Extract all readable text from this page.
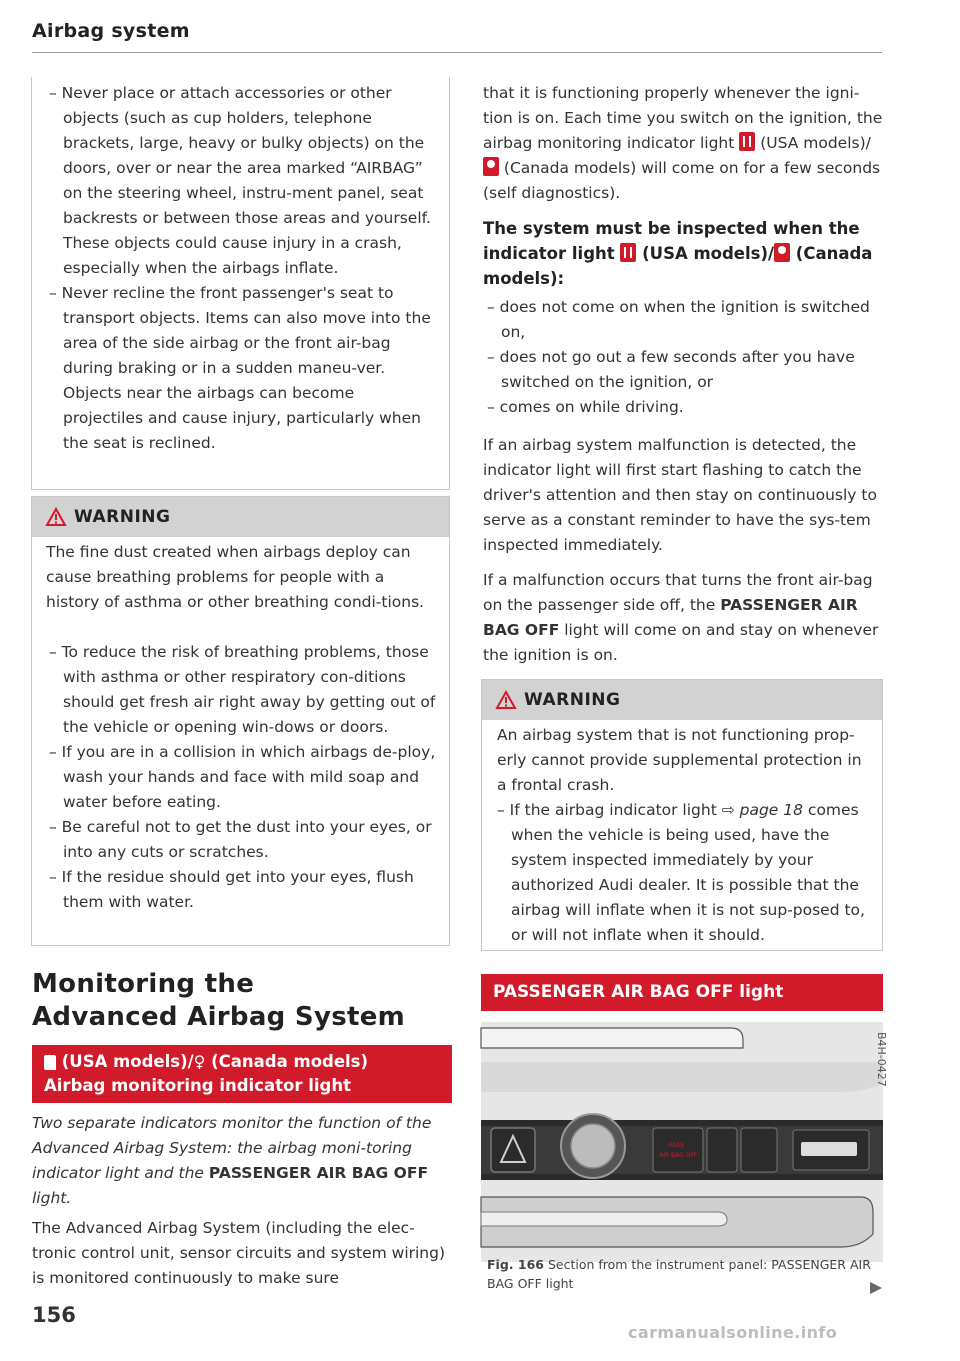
Airbag system
– Never place or attach accessories or other objects (such as cup holders, telephone brackets, large, heavy or bulky objects) on the doors, over or near the area marked “AIRBAG” on the steering wheel, instru-ment panel, seat backrests or between those areas and yourself. These objects could cause injury in a crash, especially when the airbags inflate.
– Never recline the front passenger's seat to transport objects. Items can also move into the area of the side airbag or the front air-bag during braking or in a sudden maneu-ver. Objects near the airbags can become projectiles and cause injury, particularly when the seat is reclined.
WARNING
The fine dust created when airbags deploy can cause breathing problems for people with a history of asthma or other breathing condi-tions.
– To reduce the risk of breathing problems, those with asthma or other respiratory con-ditions should get fresh air right away by getting out of the vehicle or opening win-dows or doors.
– If you are in a collision in which airbags de-ploy, wash your hands and face with mild soap and water before eating.
– Be careful not to get the dust into your eyes, or into any cuts or scratches.
– If the residue should get into your eyes, flush them with water.
Monitoring the
Advanced Airbag System
(USA models)/♀ (Canada models)
Airbag monitoring indicator light
Two separate indicators monitor the function of the Advanced Airbag System: the airbag moni-toring indicator light and the PASSENGER AIR BAG OFF light.
The Advanced Airbag System (including the elec-tronic control unit, sensor circuits and system wiring) is monitored continuously to make sure
that it is functioning properly whenever the igni-tion is on. Each time you switch on the ignition, the airbag monitoring indicator light  (USA models)/ (Canada models) will come on for a few seconds (self diagnostics).
The system must be inspected when the indicator light  (USA models)/ (Canada models):
– does not come on when the ignition is switched on,
– does not go out a few seconds after you have switched on the ignition, or
– comes on while driving.
If an airbag system malfunction is detected, the indicator light will first start flashing to catch the driver's attention and then stay on continuously to serve as a constant reminder to have the sys-tem inspected immediately.
If a malfunction occurs that turns the front air-bag on the passenger side off, the PASSENGER AIR BAG OFF light will come on and stay on whenever the ignition is on.
WARNING
An airbag system that is not functioning prop-erly cannot provide supplemental protection in a frontal crash.
– If the airbag indicator light ⇨ page 18 comes when the vehicle is being used, have the system inspected immediately by your authorized Audi dealer. It is possible that the airbag will inflate when it is not sup-posed to, or will not inflate when it should.
PASSENGER AIR BAG OFF light
PASS
AIR BAG OFF
B4H-0427
Fig. 166 Section from the instrument panel: PASSENGER AIR BAG OFF light
156
carmanualsonline.info
